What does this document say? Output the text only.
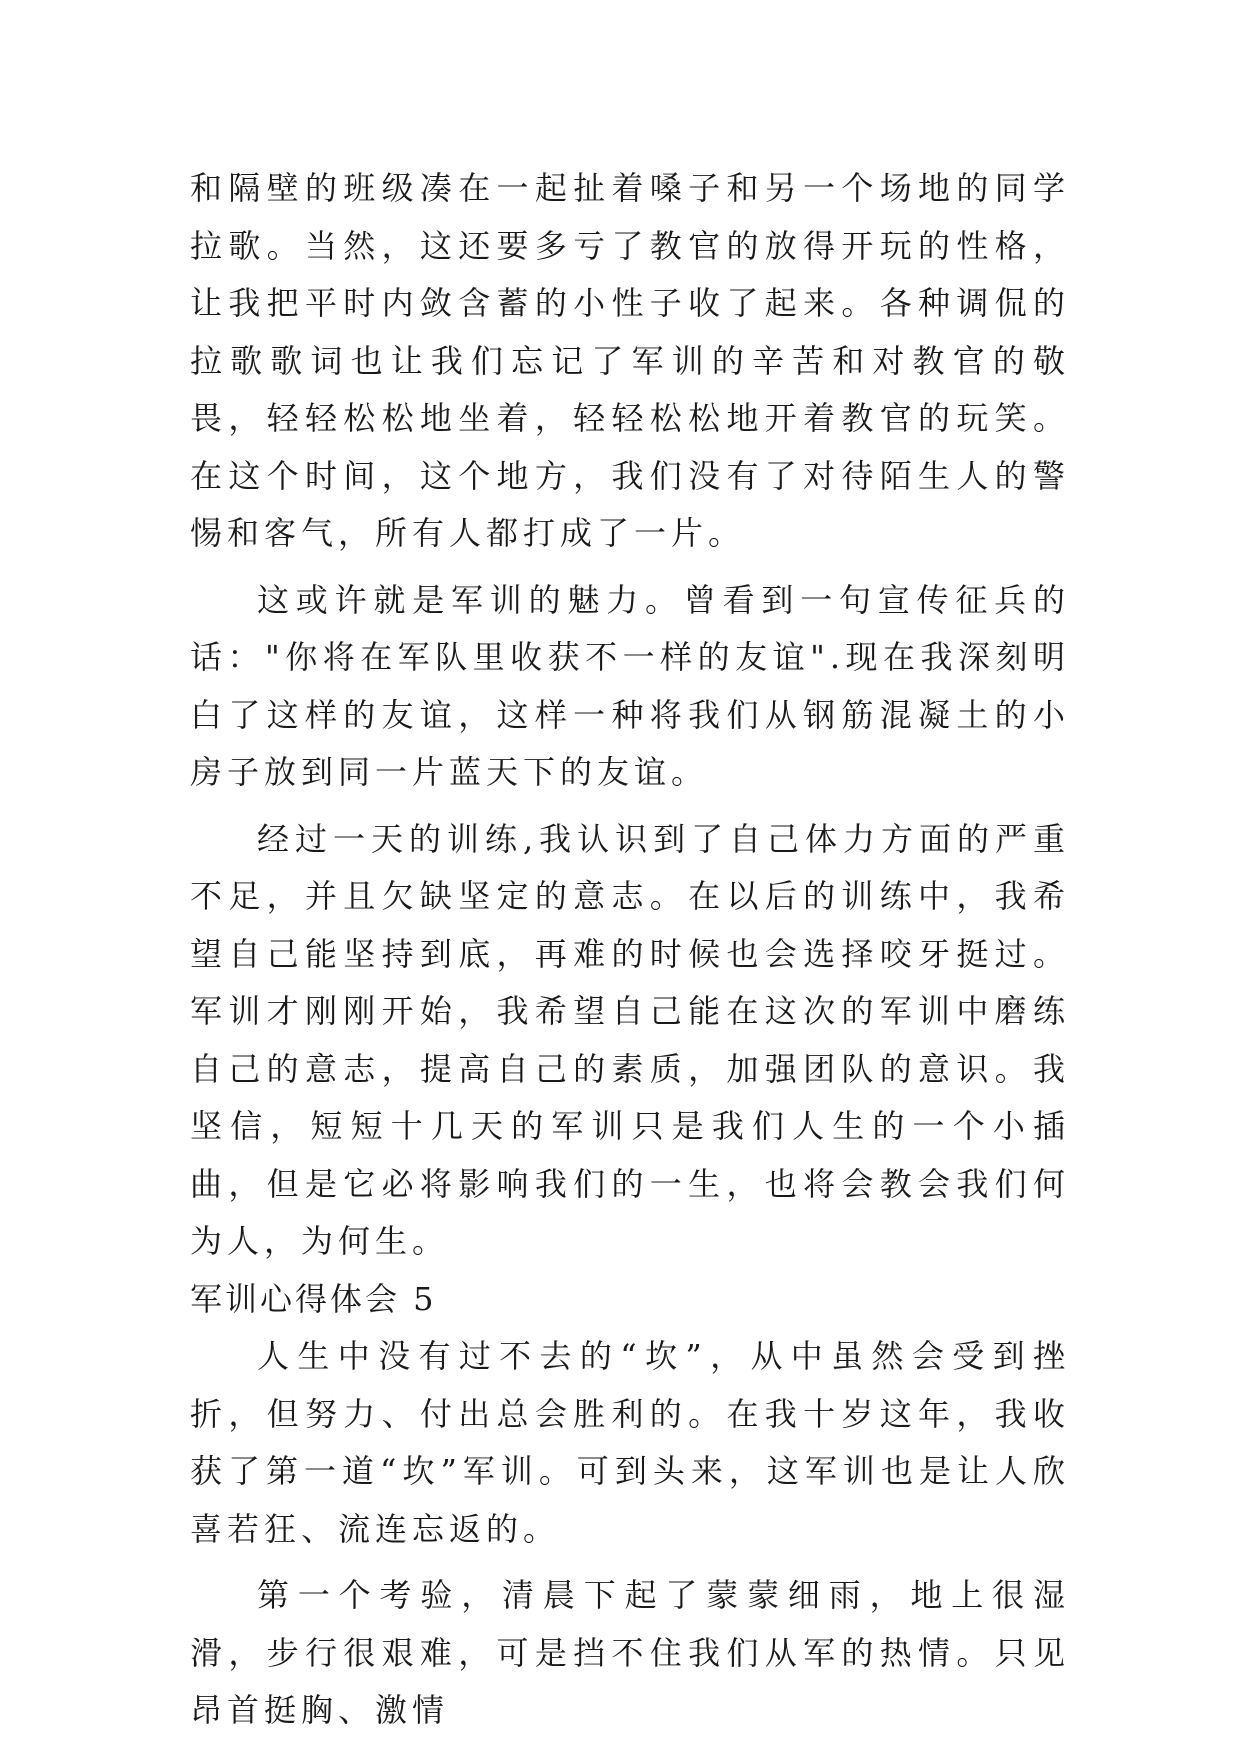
和隔壁的班级凑在一起扯着嗓子和另一个场地的同学拉歌。当然，这还要多亏了教官的放得开玩的性格，让我把平时内敛含蓄的小性子收了起来。各种调侃的拉歌歌词也让我们忘记了军训的辛苦和对教官的敬畏，轻轻松松地坐着，轻轻松松地开着教官的玩笑。在这个时间，这个地方，我们没有了对待陌生人的警惕和客气，所有人都打成了一片。

这或许就是军训的魅力。曾看到一句宣传征兵的话："你将在军队里收获不一样的友谊".现在我深刻明白了这样的友谊，这样一种将我们从钢筋混凝土的小房子放到同一片蓝天下的友谊。

经过一天的训练,我认识到了自己体力方面的严重不足，并且欠缺坚定的意志。在以后的训练中，我希望自己能坚持到底，再难的时候也会选择咬牙挺过。军训才刚刚开始，我希望自己能在这次的军训中磨练自己的意志，提高自己的素质，加强团队的意识。我坚信，短短十几天的军训只是我们人生的一个小插曲，但是它必将影响我们的一生，也将会教会我们何为人，为何生。

军训心得体会 5

人生中没有过不去的“坎”，从中虽然会受到挫折，但努力、付出总会胜利的。在我十岁这年，我收获了第一道“坎”军训。可到头来，这军训也是让人欣喜若狂、流连忘返的。

第一个考验，清晨下起了蒙蒙细雨，地上很湿滑，步行很艰难，可是挡不住我们从军的热情。只见昂首挺胸、激情
